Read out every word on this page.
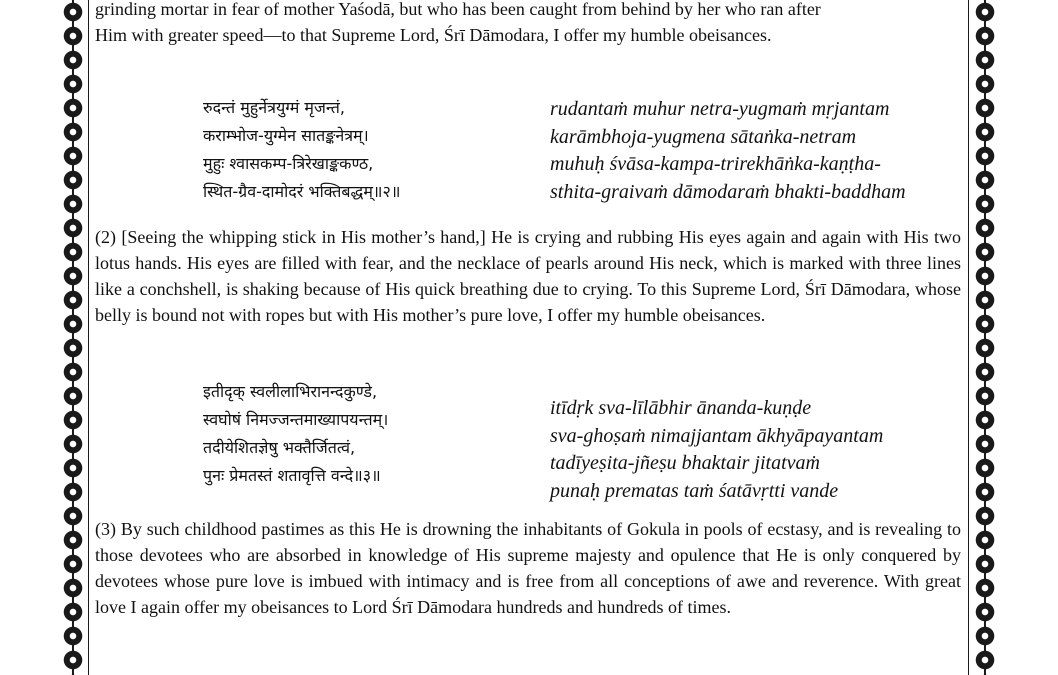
grinding mortar in fear of mother Yaśodā, but who has been caught from behind by her who ran after
Him with greater speed—to that Supreme Lord, Śrī Dāmodara, I offer my humble obeisances.

रुदन्तं मुहुर्नेत्रयुग्मं मृजन्तं,
कराम्भोज-युग्मेन सातङ्कनेत्रम्।
मुहुः श्वासकम्प-त्रिरेखाङ्ककण्ठ,
स्थित-ग्रैव-दामोदरं भक्तिबद्धम्॥२॥
rudantaṁ muhur netra-yugmaṁ mṛjantam
karāmbhoja-yugmena sātaṅka-netram
muhuḥ śvāsa-kampa-trirekhāṅka-kaṇṭha-
sthita-graivaṁ dāmodaraṁ bhakti-baddham

(2) [Seeing the whipping stick in His mother’s hand,] He is crying and rubbing His eyes again and again with His two lotus hands. His eyes are filled with fear, and the necklace of pearls around His neck, which is marked with three lines like a conchshell, is shaking because of His quick breathing due to crying. To this Supreme Lord, Śrī Dāmodara, whose belly is bound not with ropes but with His mother’s pure love, I offer my humble obeisances.

इतीदृक् स्वलीलाभिरानन्दकुण्डे,
स्वघोषं निमज्जन्तमाख्यापयन्तम्।
तदीयेशितज्ञेषु भक्तैर्जितत्वं,
पुनः प्रेमतस्तं शतावृत्ति वन्दे॥३॥
itīdṛk sva-līlābhir ānanda-kuṇḍe
sva-ghoṣaṁ nimajjantam ākhyāpayantam
tadīyeṣita-jñeṣu bhaktair jitatvaṁ
punaḥ prematas taṁ śatāvṛtti vande

(3) By such childhood pastimes as this He is drowning the inhabitants of Gokula in pools of ecstasy, and is revealing to those devotees who are absorbed in knowledge of His supreme majesty and opulence that He is only conquered by devotees whose pure love is imbued with intimacy and is free from all conceptions of awe and reverence. With great love I again offer my obeisances to Lord Śrī Dāmodara hundreds and hundreds of times.
